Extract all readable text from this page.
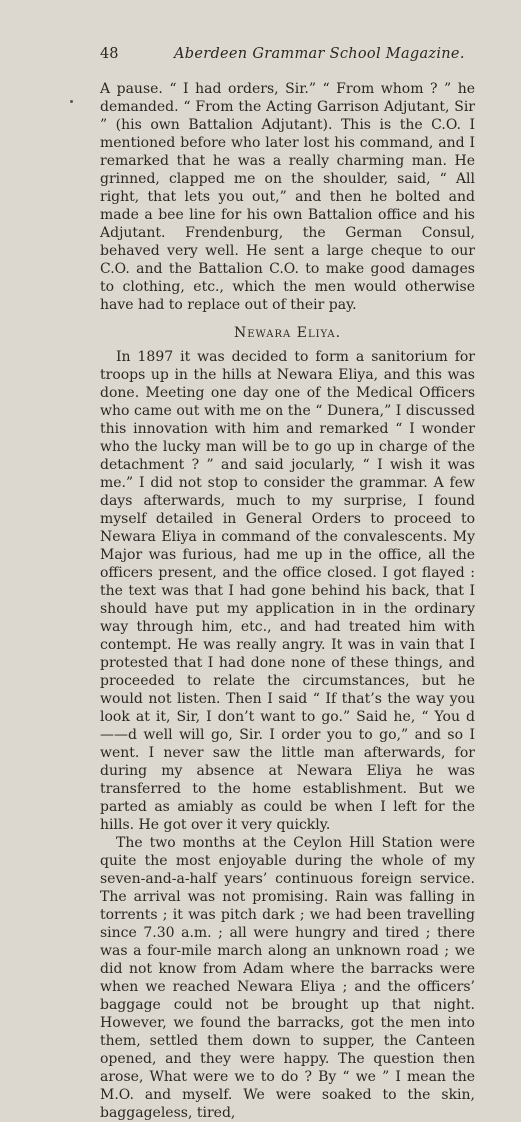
48	Aberdeen Grammar School Magazine.

A pause. “ I had orders, Sir.” “ From whom ? ” he demanded. “ From the Acting Garrison Adjutant, Sir ” (his own Battalion Adjutant). This is the C.O. I mentioned before who later lost his command, and I remarked that he was a really charming man. He grinned, clapped me on the shoulder, said, “ All right, that lets you out,” and then he bolted and made a bee line for his own Battalion office and his Adjutant. Frendenburg, the German Consul, behaved very well. He sent a large cheque to our C.O. and the Battalion C.O. to make good damages to clothing, etc., which the men would otherwise have had to replace out of their pay.

Newara Eliya.

In 1897 it was decided to form a sanitorium for troops up in the hills at Newara Eliya, and this was done. Meeting one day one of the Medical Officers who came out with me on the “ Dunera,” I discussed this innovation with him and remarked “ I wonder who the lucky man will be to go up in charge of the detachment ? ” and said jocularly, “ I wish it was me.” I did not stop to consider the grammar. A few days afterwards, much to my surprise, I found myself detailed in General Orders to proceed to Newara Eliya in command of the convalescents. My Major was furious, had me up in the office, all the officers present, and the office closed. I got flayed : the text was that I had gone behind his back, that I should have put my application in in the ordinary way through him, etc., and had treated him with contempt. He was really angry. It was in vain that I protested that I had done none of these things, and proceeded to relate the circumstances, but he would not listen. Then I said “ If that’s the way you look at it, Sir, I don’t want to go.” Said he, “ You d——d well will go, Sir. I order you to go,” and so I went. I never saw the little man afterwards, for during my absence at Newara Eliya he was transferred to the home establishment. But we parted as amiably as could be when I left for the hills. He got over it very quickly.

The two months at the Ceylon Hill Station were quite the most enjoyable during the whole of my seven-and-a-half years’ continuous foreign service. The arrival was not promising. Rain was falling in torrents ; it was pitch dark ; we had been travelling since 7.30 a.m. ; all were hungry and tired ; there was a four-mile march along an unknown road ; we did not know from Adam where the barracks were when we reached Newara Eliya ; and the officers’ baggage could not be brought up that night. However, we found the barracks, got the men into them, settled them down to supper, the Canteen opened, and they were happy. The question then arose, What were we to do ? By “ we ” I mean the M.O. and myself. We were soaked to the skin, baggageless, tired,
